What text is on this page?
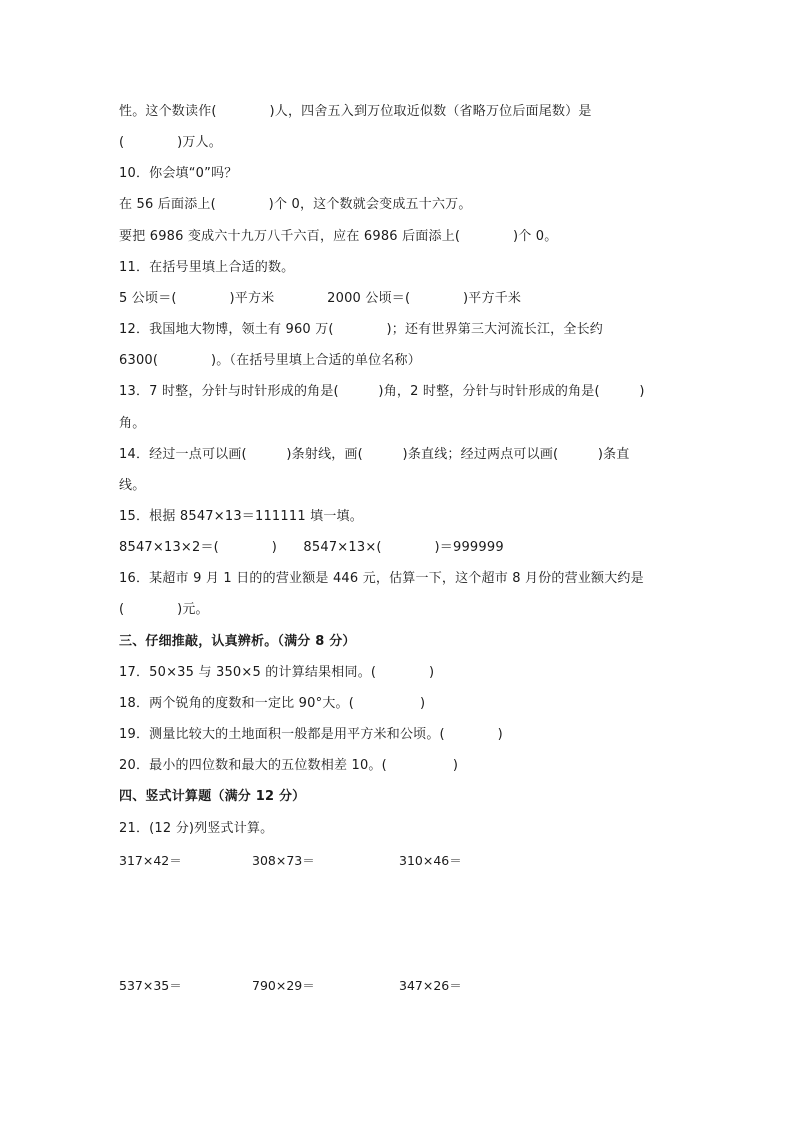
性。这个数读作(　　　　)人，四舍五入到万位取近似数（省略万位后面尾数）是
(　　　　)万人。
10．你会填“0”吗？
在 56 后面添上(　　　　)个 0，这个数就会变成五十六万。
要把 6986 变成六十九万八千六百，应在 6986 后面添上(　　　　)个 0。
11．在括号里填上合适的数。
5 公顷＝(　　　　)平方米　　　　2000 公顷＝(　　　　)平方千米
12．我国地大物博，领土有 960 万(　　　　)；还有世界第三大河流长江，全长约
6300(　　　　)。（在括号里填上合适的单位名称）
13．7 时整，分针与时针形成的角是(　　　)角，2 时整，分针与时针形成的角是(　　　)
角。
14．经过一点可以画(　　　)条射线，画(　　　)条直线；经过两点可以画(　　　)条直
线。
15．根据 8547×13＝111111 填一填。
8547×13×2＝(　　　　)　　8547×13×(　　　　)＝999999
16．某超市 9 月 1 日的的营业额是 446 元，估算一下，这个超市 8 月份的营业额大约是
(　　　　)元。
三、仔细推敲，认真辨析。（满分 8 分）
17．50×35 与 350×5 的计算结果相同。(　　　　)
18．两个锐角的度数和一定比 90°大。(　　　　　)
19．测量比较大的土地面积一般都是用平方米和公顷。(　　　　)
20．最小的四位数和最大的五位数相差 10。(　　　　　)
四、竖式计算题（满分 12 分）
21．(12 分)列竖式计算。
317×42＝	308×73＝	310×46＝
537×35＝	790×29＝	347×26＝
